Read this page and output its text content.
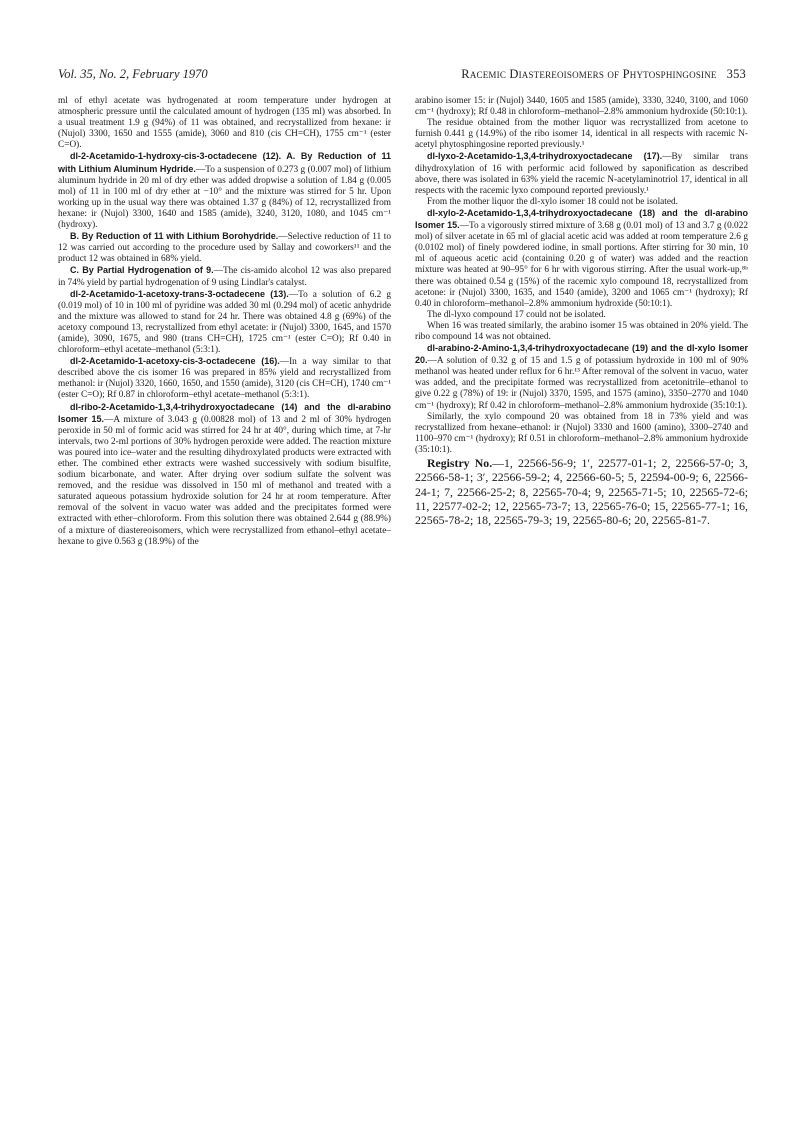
Vol. 35, No. 2, February 1970	Racemic Diastereoisomers of Phytosphingosine 353

ml of ethyl acetate was hydrogenated at room temperature under hydrogen at atmospheric pressure until the calculated amount of hydrogen (135 ml) was absorbed. In a usual treatment 1.9 g (94%) of 11 was obtained, and recrystallized from hexane: ir (Nujol) 3300, 1650 and 1555 (amide), 3060 and 810 (cis CH=CH), 1755 cm⁻¹ (ester C=O).

dl-2-Acetamido-1-hydroxy-cis-3-octadecene (12). A. By Reduction of 11 with Lithium Aluminum Hydride.—To a suspension of 0.273 g (0.007 mol) of lithium aluminum hydride in 20 ml of dry ether was added dropwise a solution of 1.84 g (0.005 mol) of 11 in 100 ml of dry ether at −10° and the mixture was stirred for 5 hr. Upon working up in the usual way there was obtained 1.37 g (84%) of 12, recrystallized from hexane: ir (Nujol) 3300, 1640 and 1585 (amide), 3240, 3120, 1080, and 1045 cm⁻¹ (hydroxy).

B. By Reduction of 11 with Lithium Borohydride.—Selective reduction of 11 to 12 was carried out according to the procedure used by Sallay and coworkers¹¹ and the product 12 was obtained in 68% yield.

C. By Partial Hydrogenation of 9.—The cis-amido alcohol 12 was also prepared in 74% yield by partial hydrogenation of 9 using Lindlar's catalyst.

dl-2-Acetamido-1-acetoxy-trans-3-octadecene (13).—To a solution of 6.2 g (0.019 mol) of 10 in 100 ml of pyridine was added 30 ml (0.294 mol) of acetic anhydride and the mixture was allowed to stand for 24 hr. There was obtained 4.8 g (69%) of the acetoxy compound 13, recrystallized from ethyl acetate: ir (Nujol) 3300, 1645, and 1570 (amide), 3090, 1675, and 980 (trans CH=CH), 1725 cm⁻¹ (ester C=O); Rf 0.40 in chloroform–ethyl acetate–methanol (5:3:1).

dl-2-Acetamido-1-acetoxy-cis-3-octadecene (16).—In a way similar to that described above the cis isomer 16 was prepared in 85% yield and recrystallized from methanol: ir (Nujol) 3320, 1660, 1650, and 1550 (amide), 3120 (cis CH=CH), 1740 cm⁻¹ (ester C=O); Rf 0.87 in chloroform–ethyl acetate–methanol (5:3:1).

dl-ribo-2-Acetamido-1,3,4-trihydroxyoctadecane (14) and the dl-arabino Isomer 15.—A mixture of 3.043 g (0.00828 mol) of 13 and 2 ml of 30% hydrogen peroxide in 50 ml of formic acid was stirred for 24 hr at 40°, during which time, at 7-hr intervals, two 2-ml portions of 30% hydrogen peroxide were added. The reaction mixture was poured into ice–water and the resulting dihydroxylated products were extracted with ether. The combined ether extracts were washed successively with sodium bisulfite, sodium bicarbonate, and water. After drying over sodium sulfate the solvent was removed, and the residue was dissolved in 150 ml of methanol and treated with a saturated aqueous potassium hydroxide solution for 24 hr at room temperature. After removal of the solvent in vacuo water was added and the precipitates formed were extracted with ether–chloroform. From this solution there was obtained 2.644 g (88.9%) of a mixture of diastereoisomers, which were recrystallized from ethanol–ethyl acetate–hexane to give 0.563 g (18.9%) of the

arabino isomer 15: ir (Nujol) 3440, 1605 and 1585 (amide), 3330, 3240, 3100, and 1060 cm⁻¹ (hydroxy); Rf 0.48 in chloroform–methanol–2.8% ammonium hydroxide (50:10:1).

The residue obtained from the mother liquor was recrystallized from acetone to furnish 0.441 g (14.9%) of the ribo isomer 14, identical in all respects with racemic N-acetyl phytosphingosine reported previously.¹

dl-lyxo-2-Acetamido-1,3,4-trihydroxyoctadecane (17).—By similar trans dihydroxylation of 16 with performic acid followed by saponification as described above, there was isolated in 63% yield the racemic N-acetylaminotriol 17, identical in all respects with the racemic lyxo compound reported previously.¹

From the mother liquor the dl-xylo isomer 18 could not be isolated.

dl-xylo-2-Acetamido-1,3,4-trihydroxyoctadecane (18) and the dl-arabino Isomer 15.—To a vigorously stirred mixture of 3.68 g (0.01 mol) of 13 and 3.7 g (0.022 mol) of silver acetate in 65 ml of glacial acetic acid was added at room temperature 2.6 g (0.0102 mol) of finely powdered iodine, in small portions. After stirring for 30 min, 10 ml of aqueous acetic acid (containing 0.20 g of water) was added and the reaction mixture was heated at 90–95° for 6 hr with vigorous stirring. After the usual work-up,⁸ᵇ there was obtained 0.54 g (15%) of the racemic xylo compound 18, recrystallized from acetone: ir (Nujol) 3300, 1635, and 1540 (amide), 3200 and 1065 cm⁻¹ (hydroxy); Rf 0.40 in chloroform–methanol–2.8% ammonium hydroxide (50:10:1).

The dl-lyxo compound 17 could not be isolated.

When 16 was treated similarly, the arabino isomer 15 was obtained in 20% yield. The ribo compound 14 was not obtained.

dl-arabino-2-Amino-1,3,4-trihydroxyoctadecane (19) and the dl-xylo Isomer 20.—A solution of 0.32 g of 15 and 1.5 g of potassium hydroxide in 100 ml of 90% methanol was heated under reflux for 6 hr.¹³ After removal of the solvent in vacuo, water was added, and the precipitate formed was recrystallized from acetonitrile–ethanol to give 0.22 g (78%) of 19: ir (Nujol) 3370, 1595, and 1575 (amino), 3350–2770 and 1040 cm⁻¹ (hydroxy); Rf 0.42 in chloroform–methanol–2.8% ammonium hydroxide (35:10:1).

Similarly, the xylo compound 20 was obtained from 18 in 73% yield and was recrystallized from hexane–ethanol: ir (Nujol) 3330 and 1600 (amino), 3300–2740 and 1100–970 cm⁻¹ (hydroxy); Rf 0.51 in chloroform–methanol–2.8% ammonium hydroxide (35:10:1).

Registry No.—1, 22566-56-9; 1′, 22577-01-1; 2, 22566-57-0; 3, 22566-58-1; 3′, 22566-59-2; 4, 22566-60-5; 5, 22594-00-9; 6, 22566-24-1; 7, 22566-25-2; 8, 22565-70-4; 9, 22565-71-5; 10, 22565-72-6; 11, 22577-02-2; 12, 22565-73-7; 13, 22565-76-0; 15, 22565-77-1; 16, 22565-78-2; 18, 22565-79-3; 19, 22565-80-6; 20, 22565-81-7.
